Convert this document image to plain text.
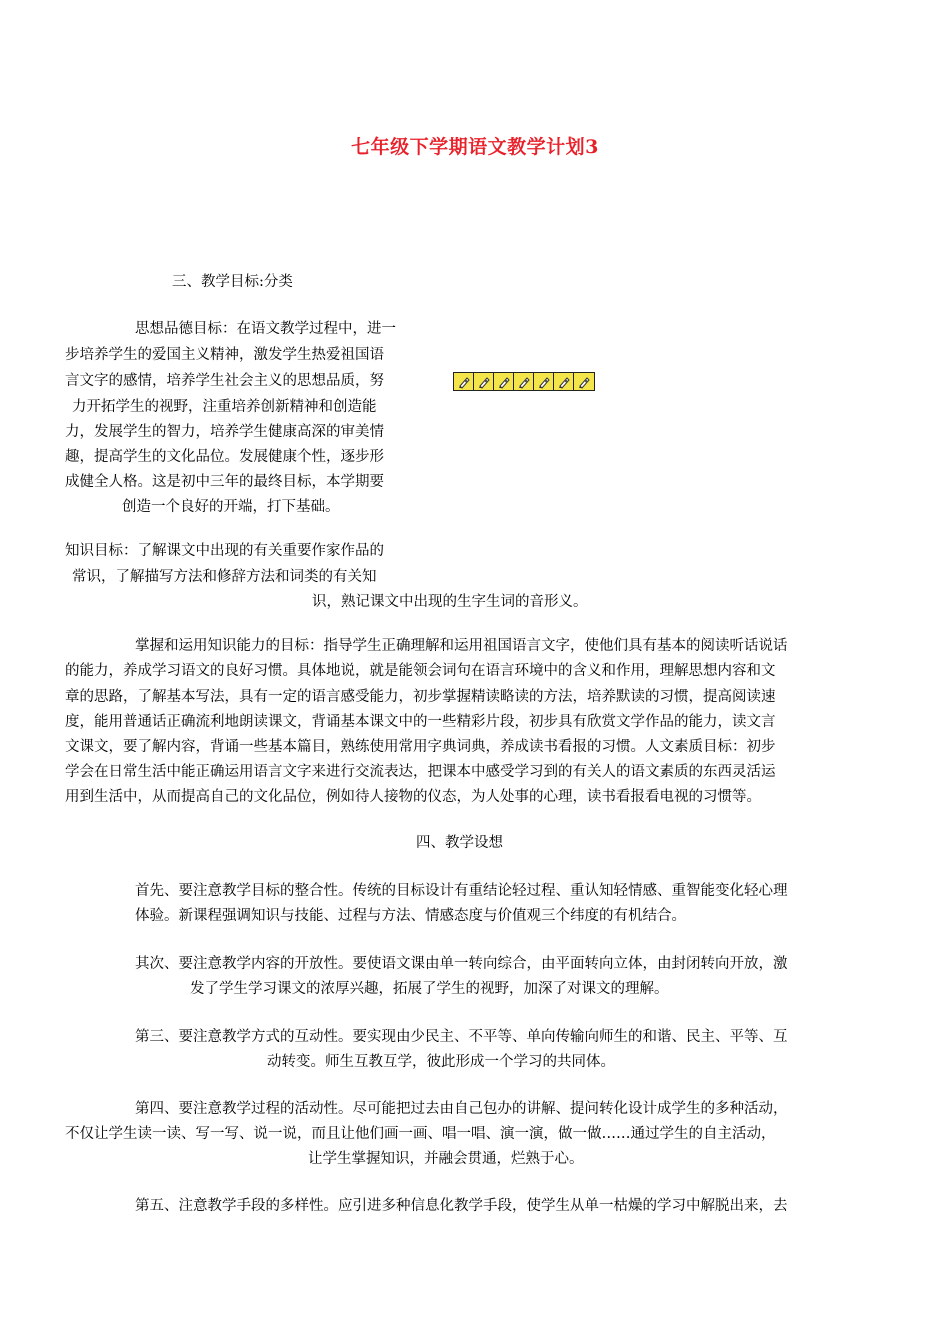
七年级下学期语文教学计划3
三、教学目标:分类
思想品德目标：在语文教学过程中，进一
步培养学生的爱国主义精神，激发学生热爱祖国语
言文字的感情，培养学生社会主义的思想品质，努
力开拓学生的视野，注重培养创新精神和创造能
力，发展学生的智力，培养学生健康高深的审美情
趣，提高学生的文化品位。发展健康个性，逐步形
成健全人格。这是初中三年的最终目标，本学期要
创造一个良好的开端，打下基础。
知识目标：了解课文中出现的有关重要作家作品的
常识，了解描写方法和修辞方法和词类的有关知
识，熟记课文中出现的生字生词的音形义。
掌握和运用知识能力的目标：指导学生正确理解和运用祖国语言文字，使他们具有基本的阅读听话说话
的能力，养成学习语文的良好习惯。具体地说，就是能领会词句在语言环境中的含义和作用，理解思想内容和文
章的思路，了解基本写法，具有一定的语言感受能力，初步掌握精读略读的方法，培养默读的习惯，提高阅读速
度，能用普通话正确流利地朗读课文，背诵基本课文中的一些精彩片段，初步具有欣赏文学作品的能力，读文言
文课文，要了解内容，背诵一些基本篇目，熟练使用常用字典词典，养成读书看报的习惯。人文素质目标：初步
学会在日常生活中能正确运用语言文字来进行交流表达，把课本中感受学习到的有关人的语文素质的东西灵活运
用到生活中，从而提高自己的文化品位，例如待人接物的仪态，为人处事的心理，读书看报看电视的习惯等。
四、教学设想
首先、要注意教学目标的整合性。传统的目标设计有重结论轻过程、重认知轻情感、重智能变化轻心理
体验。新课程强调知识与技能、过程与方法、情感态度与价值观三个纬度的有机结合。
其次、要注意教学内容的开放性。要使语文课由单一转向综合，由平面转向立体，由封闭转向开放，激
发了学生学习课文的浓厚兴趣，拓展了学生的视野，加深了对课文的理解。
第三、要注意教学方式的互动性。要实现由少民主、不平等、单向传输向师生的和谐、民主、平等、互
动转变。师生互教互学，彼此形成一个学习的共同体。
第四、要注意教学过程的活动性。尽可能把过去由自己包办的讲解、提问转化设计成学生的多种活动，
不仅让学生读一读、写一写、说一说，而且让他们画一画、唱一唱、演一演，做一做……通过学生的自主活动，
让学生掌握知识，并融会贯通，烂熟于心。
第五、注意教学手段的多样性。应引进多种信息化教学手段，使学生从单一枯燥的学习中解脱出来，去
